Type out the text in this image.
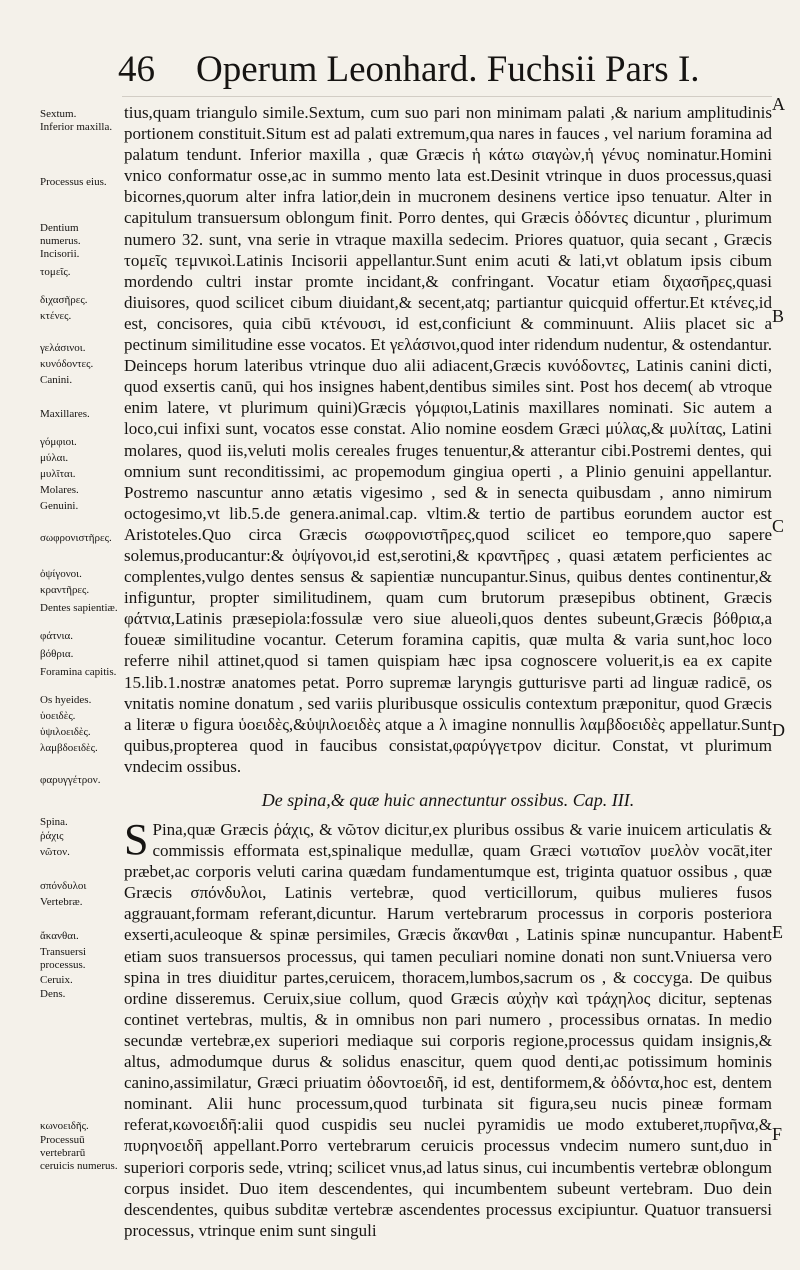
46 Operum Leonhard. Fuchsii Pars I.

tius,quam triangulo simile.Sextum, cum suo pari non minimam palati ,& narium amplitudinis portionem constituit.Situm est ad palati extremum,qua nares in fauces , vel narium foramina ad palatum tendunt. Inferior maxilla , quæ Græcis ἡ κάτω σιαγὼν,ἡ γένυς nominatur.Homini vnico conformatur osse,ac in summo mento lata est.Desinit vtrinque in duos processus,quasi bicornes,quorum alter infra latior,dein in mucronem desinens vertice ipso tenuatur. Alter in capitulum transuersum oblongum finit. Porro dentes, qui Græcis ὀδόντες dicuntur , plurimum numero 32. sunt, vna serie in vtraque maxilla sedecim. Priores quatuor, quia secant , Græcis τομεῖς τεμνικοὶ.Latinis Incisorii appellantur.Sunt enim acuti & lati,vt oblatum ipsis cibum mordendo cultri instar promte incidant,& confringant. Vocatur etiam διχασῆρες,quasi diuisores, quod scilicet cibum diuidant,& secent,atq; partiantur quicquid offertur.Et κτένες,id est, concisores, quia cibū κτένουσι, id est,conficiunt & comminuunt. Aliis placet sic a pectinum similitudine esse vocatos. Et γελάσινοι,quod inter ridendum nudentur, & ostendantur. Deinceps horum lateribus vtrinque duo alii adiacent,Græcis κυνόδοντες, Latinis canini dicti, quod exsertis canū, qui hos insignes habent,dentibus similes sint. Post hos decem( ab vtroque enim latere, vt plurimum quini)Græcis γόμφιοι,Latinis maxillares nominati. Sic autem a loco,cui infixi sunt, vocatos esse constat. Alio nomine eosdem Græci μύλας,& μυλίτας, Latini molares, quod iis,veluti molis cereales fruges tenuentur,& atterantur cibi.Postremi dentes, qui omnium sunt reconditissimi, ac propemodum gingiua operti , a Plinio genuini appellantur. Postremo nascuntur anno ætatis vigesimo , sed & in senecta quibusdam , anno nimirum octogesimo,vt lib.5.de genera.animal.cap. vltim.& tertio de partibus eorundem auctor est Aristoteles.Quo circa Græcis σωφρονιστῆρες,quod scilicet eo tempore,quo sapere solemus,producantur:& ὀψίγονοι,id est,serotini,& κραντῆρες , quasi ætatem perficientes ac complentes,vulgo dentes sensus & sapientiæ nuncupantur.Sinus, quibus dentes continentur,& infiguntur, propter similitudinem, quam cum brutorum præsepibus obtinent, Græcis φάτνια,Latinis præsepiola:fossulæ vero siue alueoli,quos dentes subeunt,Græcis βόθρια,a foueæ similitudine vocantur. Ceterum foramina capitis, quæ multa & varia sunt,hoc loco referre nihil attinet,quod si tamen quispiam hæc ipsa cognoscere voluerit,is ea ex capite 15.lib.1.nostræ anatomes petat. Porro supremæ laryngis gutturisve parti ad linguæ radicē, os vnitatis nomine donatum , sed variis pluribusque ossiculis contextum præponitur, quod Græcis a literæ υ figura ὑοειδὲς,&ὑψιλοειδὲς atque a λ imagine nonnullis λαμβδοειδὲς appellatur.Sunt quibus,propterea quod in faucibus consistat,φαρύγγετρον dicitur. Constat, vt plurimum vndecim ossibus.

De spina,& quæ huic annectuntur ossibus. Cap. III.

S Pina,quæ Græcis ῥάχις, & νῶτον dicitur,ex pluribus ossibus & varie inuicem articulatis & commissis efformata est,spinalique medullæ, quam Græci νωτιαῖον μυελὸν vocāt,iter præbet,ac corporis veluti carina quædam fundamentumque est, triginta quatuor ossibus , quæ Græcis σπόνδυλοι, Latinis vertebræ, quod verticillorum, quibus mulieres fusos aggrauant,formam referant,dicuntur. Harum vertebrarum processus in corporis posteriora exserti,aculeoque & spinæ persimiles, Græcis ἄκανθαι , Latinis spinæ nuncupantur. Habent etiam suos transuersos processus, qui tamen peculiari nomine donati non sunt.Vniuersa vero spina in tres diuiditur partes,ceruicem, thoracem,lumbos,sacrum os , & coccyga. De quibus ordine disseremus. Ceruix,siue collum, quod Græcis αὐχὴν καὶ τράχηλος dicitur, septenas continet vertebras, multis, & in omnibus non pari numero , processibus ornatas. In medio secundæ vertebræ,ex superiori mediaque sui corporis regione,processus quidam insignis,& altus, admodumque durus & solidus enascitur, quem quod denti,ac potissimum hominis canino,assimilatur, Græci priuatim ὀδοντοειδῆ, id est, dentiformem,& ὀδόντα,hoc est, dentem nominant. Alii hunc processum,quod turbinata sit figura,seu nucis pineæ formam referat,κωνοειδῆ:alii quod cuspidis seu nuclei pyramidis ue modo extuberet,πυρῆνα,& πυρηνοειδῆ appellant.Porro vertebrarum ceruicis processus vndecim numero sunt,duo in superiori corporis sede, vtrinq; scilicet vnus,ad latus sinus, cui incumbentis vertebræ oblongum corpus insidet. Duo item descendentes, qui incumbentem subeunt vertebram. Duo dein descendentes, quibus subditæ vertebræ ascendentes processus excipiuntur. Quatuor transuersi processus, vtrinque enim sunt singuli

Sextum.
Inferior maxilla.
Processus eius.
Dentium numerus.
Incisorii.
τομεῖς.
διχασῆρες.
κτένες.
γελάσινοι.
κυνόδοντες.
Canini.
Maxillares.
γόμφιοι.
μύλαι.
μυλῖται.
Molares.
Genuini.
σωφρονιστῆρες.
ὀψίγονοι.
κραντῆρες.
Dentes sapientiæ.
φάτνια.
βόθρια.
Foramina capitis.
Os hyeides.
ὑοειδὲς.
ὑψιλοειδὲς.
λαμβδοειδὲς.
φαρυγγέτρον.
Spina.
ῥάχις
νῶτον.
σπόνδυλοι
Vertebræ.
ἄκανθαι.
Transuersi processus.
Ceruix.
Dens.
κωνοειδῆς.
Processuū vertebrarū ceruicis numerus.
A
B
C
D
E
F
